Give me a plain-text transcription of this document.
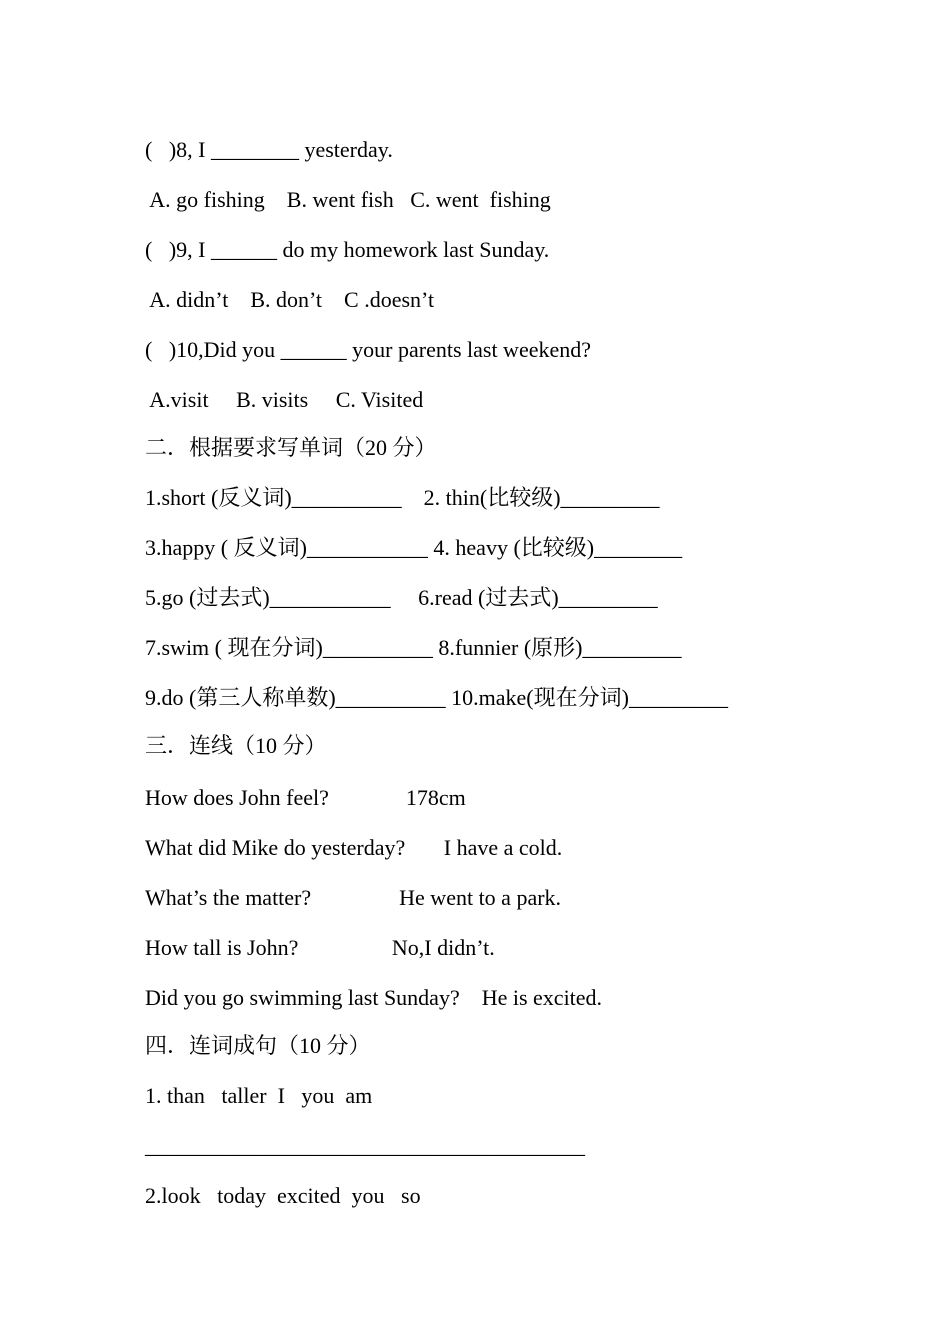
(   )8, I ________ yesterday.
A. go fishing    B. went fish   C. went  fishing
(   )9, I ______ do my homework last Sunday.
A. didn’t    B. don’t    C .doesn’t
(   )10,Did you ______ your parents last weekend?
A.visit     B. visits     C. Visited
二．根据要求写单词（20 分）
1.short (反义词)__________    2. thin(比较级)_________
3.happy ( 反义词)___________ 4. heavy (比较级)________
5.go (过去式)___________     6.read (过去式)_________
7.swim ( 现在分词)__________ 8.funnier (原形)_________
9.do (第三人称单数)__________ 10.make(现在分词)_________
三．连线（10 分）
How does John feel?              178cm
What did Mike do yesterday?       I have a cold.
What’s the matter?                He went to a park.
How tall is John?                 No,I didn’t.
Did you go swimming last Sunday?    He is excited.
四．连词成句（10 分）
1. than   taller  I   you  am
________________________________________
2.look   today  excited  you   so
